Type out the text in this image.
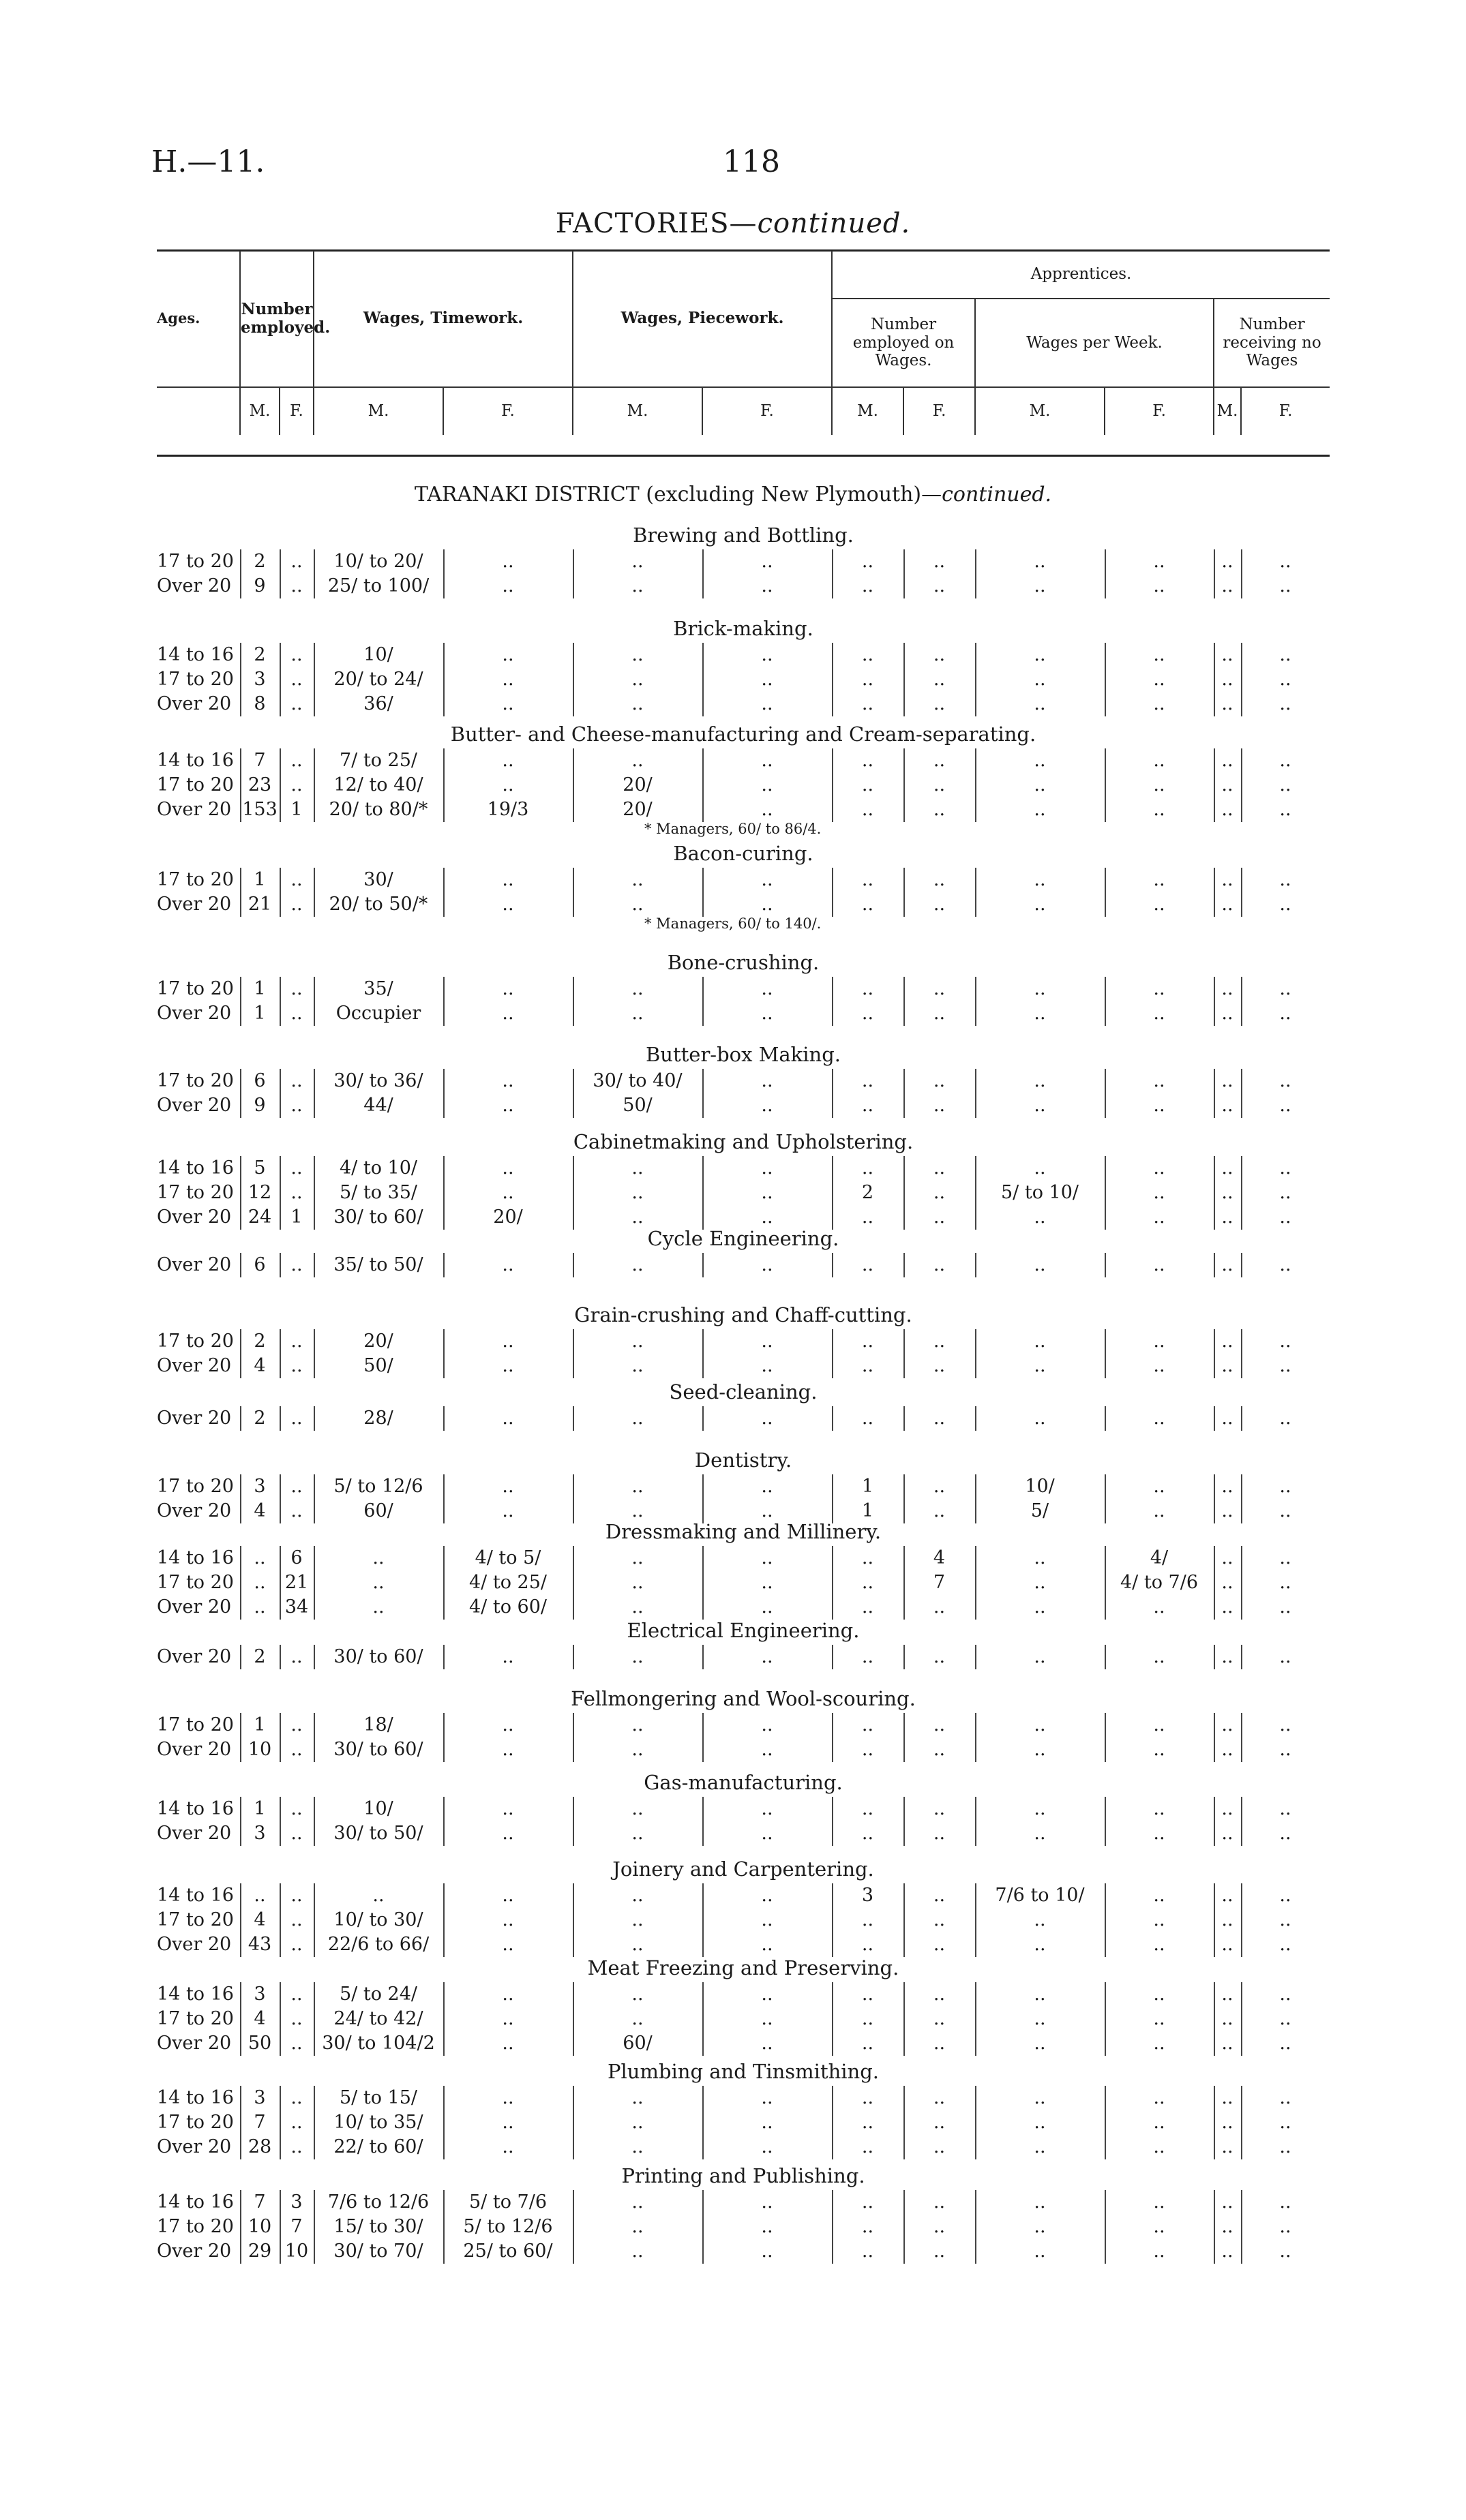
H.—11.	118
FACTORIES—continued.
Ages.	Number employed.		Wages, Timework.		Wages, Piecework.		Apprentices.					
							Number employed on Wages.		Wages per Week.		Number receiving no Wages	
	M.	F.	M.	F.	M.	F.	M.	F.	M.	F.	M.	F.
TARANAKI DISTRICT (excluding New Plymouth)—continued.
Brewing and Bottling.
17 to 20	2	..	10/ to 20/	..	..	..	..	..	..	..	..	..
Over 20	9	..	25/ to 100/	..	..	..	..	..	..	..	..	..
Brick-making.
14 to 16	2	..	10/	..	..	..	..	..	..	..	..	..
17 to 20	3	..	20/ to 24/	..	..	..	..	..	..	..	..	..
Over 20	8	..	36/	..	..	..	..	..	..	..	..	..
Butter- and Cheese-manufacturing and Cream-separating.
14 to 16	7	..	7/ to 25/	..	..	..	..	..	..	..	..	..
17 to 20 23	..	12/ to 40/	..	20/	..	..	..	..	..	..	..
Over 20 153 1	20/ to 80/*	19/3	20/	..	..	..	..	..	..	..
* Managers, 60/ to 86/4.
Bacon-curing.
17 to 20	1	..	30/	..	..	..	..	..	..	..	..	..
Over 20 21	..	20/ to 50/*	..	..	..	..	..	..	..	..	..
* Managers, 60/ to 140/.
Bone-crushing.
17 to 20	1	..	35/	..	..	..	..	..	..	..	..	..
Over 20	1	..	Occupier	..	..	..	..	..	..	..	..	..
Butter-box Making.
17 to 20	6	..	30/ to 36/	..	30/ to 40/	..	..	..	..	..	..	..
Over 20	9	..	44/	..	50/	..	..	..	..	..	..	..
Cabinetmaking and Upholstering.
14 to 16	5	..	4/ to 10/	..	..	..	..	..	..	..	..	..
17 to 20 12	..	5/ to 35/	..	..	..	2	..	5/ to 10/	..	..	..
Over 20 24	1	30/ to 60/	20/	..	..	..	..	..	..	..	..
Cycle Engineering.
Over 20	6	..	35/ to 50/	..	..	..	..	..	..	..	..	..
Grain-crushing and Chaff-cutting.
17 to 20	2	..	20/	..	..	..	..	..	..	..	..	..
Over 20	4	..	50/	..	..	..	..	..	..	..	..	..
Seed-cleaning.
Over 20	2	..	28/	..	..	..	..	..	..	..	..	..
Dentistry.
17 to 20	3	..	5/ to 12/6	..	..	..	1	..	10/	..	..	..
Over 20	4	..	60/	..	..	..	1	..	5/	..	..	..
Dressmaking and Millinery.
14 to 16	..	6	..	4/ to 5/	..	..	..	4	..	4/	..	..
17 to 20	..	21	..	4/ to 25/	..	..	..	7	..	4/ to 7/6	..	..
Over 20	..	34	..	4/ to 60/	..	..	..	..	..	..	..	..
Electrical Engineering.
Over 20	2	..	30/ to 60/	..	..	..	..	..	..	..	..	..
Fellmongering and Wool-scouring.
17 to 20	1	..	18/	..	..	..	..	..	..	..	..	..
Over 20 10	..	30/ to 60/	..	..	..	..	..	..	..	..	..
Gas-manufacturing.
14 to 16	1	..	10/	..	..	..	..	..	..	..	..	..
Over 20	3	..	30/ to 50/	..	..	..	..	..	..	..	..	..
Joinery and Carpentering.
14 to 16	..	..	..	..	..	..	3	..	7/6 to 10/	..	..	..
17 to 20	4	..	10/ to 30/	..	..	..	..	..	..	..	..	..
Over 20 43	..	22/6 to 66/	..	..	..	..	..	..	..	..	..
Meat Freezing and Preserving.
14 to 16	3	..	5/ to 24/	..	..	..	..	..	..	..	..	..
17 to 20	4	..	24/ to 42/	..	..	..	..	..	..	..	..	..
Over 20 50	..	30/ to 104/2	..	60/	..	..	..	..	..	..	..
Plumbing and Tinsmithing.
14 to 16	3	..	5/ to 15/	..	..	..	..	..	..	..	..	..
17 to 20	7	..	10/ to 35/	..	..	..	..	..	..	..	..	..
Over 20 28	..	22/ to 60/	..	..	..	..	..	..	..	..	..
Printing and Publishing.
14 to 16	7	3	7/6 to 12/6	5/ to 7/6	..	..	..	..	..	..	..	..
17 to 20 10	7	15/ to 30/	5/ to 12/6	..	..	..	..	..	..	..	..
Over 20 29 10	30/ to 70/	25/ to 60/	..	..	..	..	..	..	..	..
